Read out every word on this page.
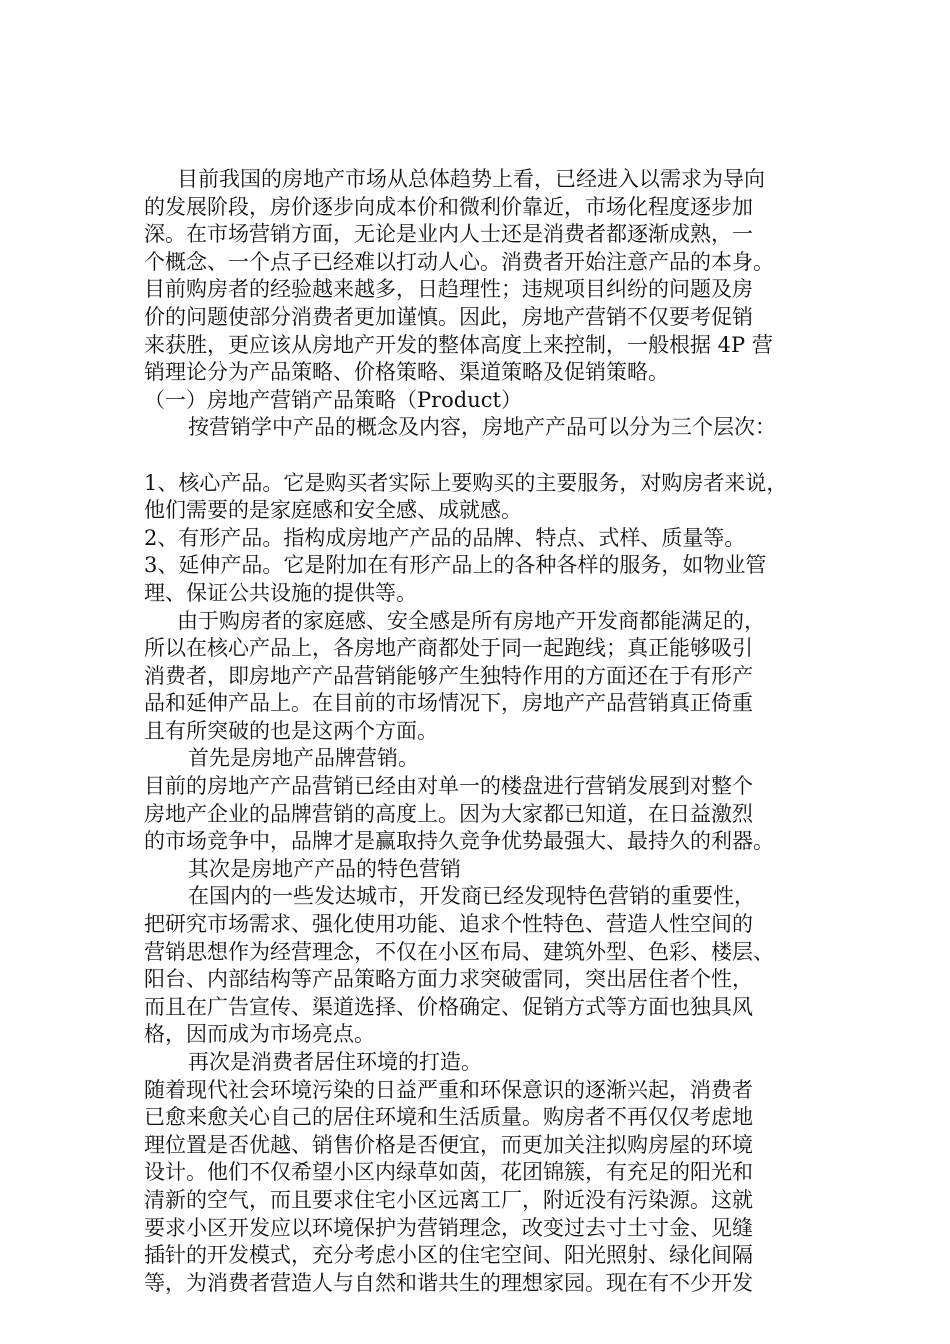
目前我国的房地产市场从总体趋势上看，已经进入以需求为导向
的发展阶段，房价逐步向成本价和微利价靠近，市场化程度逐步加
深。在市场营销方面，无论是业内人士还是消费者都逐渐成熟，一
个概念、一个点子已经难以打动人心。消费者开始注意产品的本身。
目前购房者的经验越来越多，日趋理性；违规项目纠纷的问题及房
价的问题使部分消费者更加谨慎。因此，房地产营销不仅要考促销
来获胜，更应该从房地产开发的整体高度上来控制，一般根据 4P 营
销理论分为产品策略、价格策略、渠道策略及促销策略。
（一）房地产营销产品策略（Product）
按营销学中产品的概念及内容，房地产产品可以分为三个层次：
1、核心产品。它是购买者实际上要购买的主要服务，对购房者来说，
他们需要的是家庭感和安全感、成就感。
2、有形产品。指构成房地产产品的品牌、特点、式样、质量等。
3、延伸产品。它是附加在有形产品上的各种各样的服务，如物业管
理、保证公共设施的提供等。
由于购房者的家庭感、安全感是所有房地产开发商都能满足的，
所以在核心产品上，各房地产商都处于同一起跑线；真正能够吸引
消费者，即房地产产品营销能够产生独特作用的方面还在于有形产
品和延伸产品上。在目前的市场情况下，房地产产品营销真正倚重
且有所突破的也是这两个方面。
首先是房地产品牌营销。
目前的房地产产品营销已经由对单一的楼盘进行营销发展到对整个
房地产企业的品牌营销的高度上。因为大家都已知道，在日益激烈
的市场竞争中，品牌才是赢取持久竞争优势最强大、最持久的利器。
其次是房地产产品的特色营销
在国内的一些发达城市，开发商已经发现特色营销的重要性，
把研究市场需求、强化使用功能、追求个性特色、营造人性空间的
营销思想作为经营理念，不仅在小区布局、建筑外型、色彩、楼层、
阳台、内部结构等产品策略方面力求突破雷同，突出居住者个性，
而且在广告宣传、渠道选择、价格确定、促销方式等方面也独具风
格，因而成为市场亮点。
再次是消费者居住环境的打造。
随着现代社会环境污染的日益严重和环保意识的逐渐兴起，消费者
已愈来愈关心自己的居住环境和生活质量。购房者不再仅仅考虑地
理位置是否优越、销售价格是否便宜，而更加关注拟购房屋的环境
设计。他们不仅希望小区内绿草如茵，花团锦簇，有充足的阳光和
清新的空气，而且要求住宅小区远离工厂，附近没有污染源。这就
要求小区开发应以环境保护为营销理念，改变过去寸土寸金、见缝
插针的开发模式，充分考虑小区的住宅空间、阳光照射、绿化间隔
等，为消费者营造人与自然和谐共生的理想家园。现在有不少开发
